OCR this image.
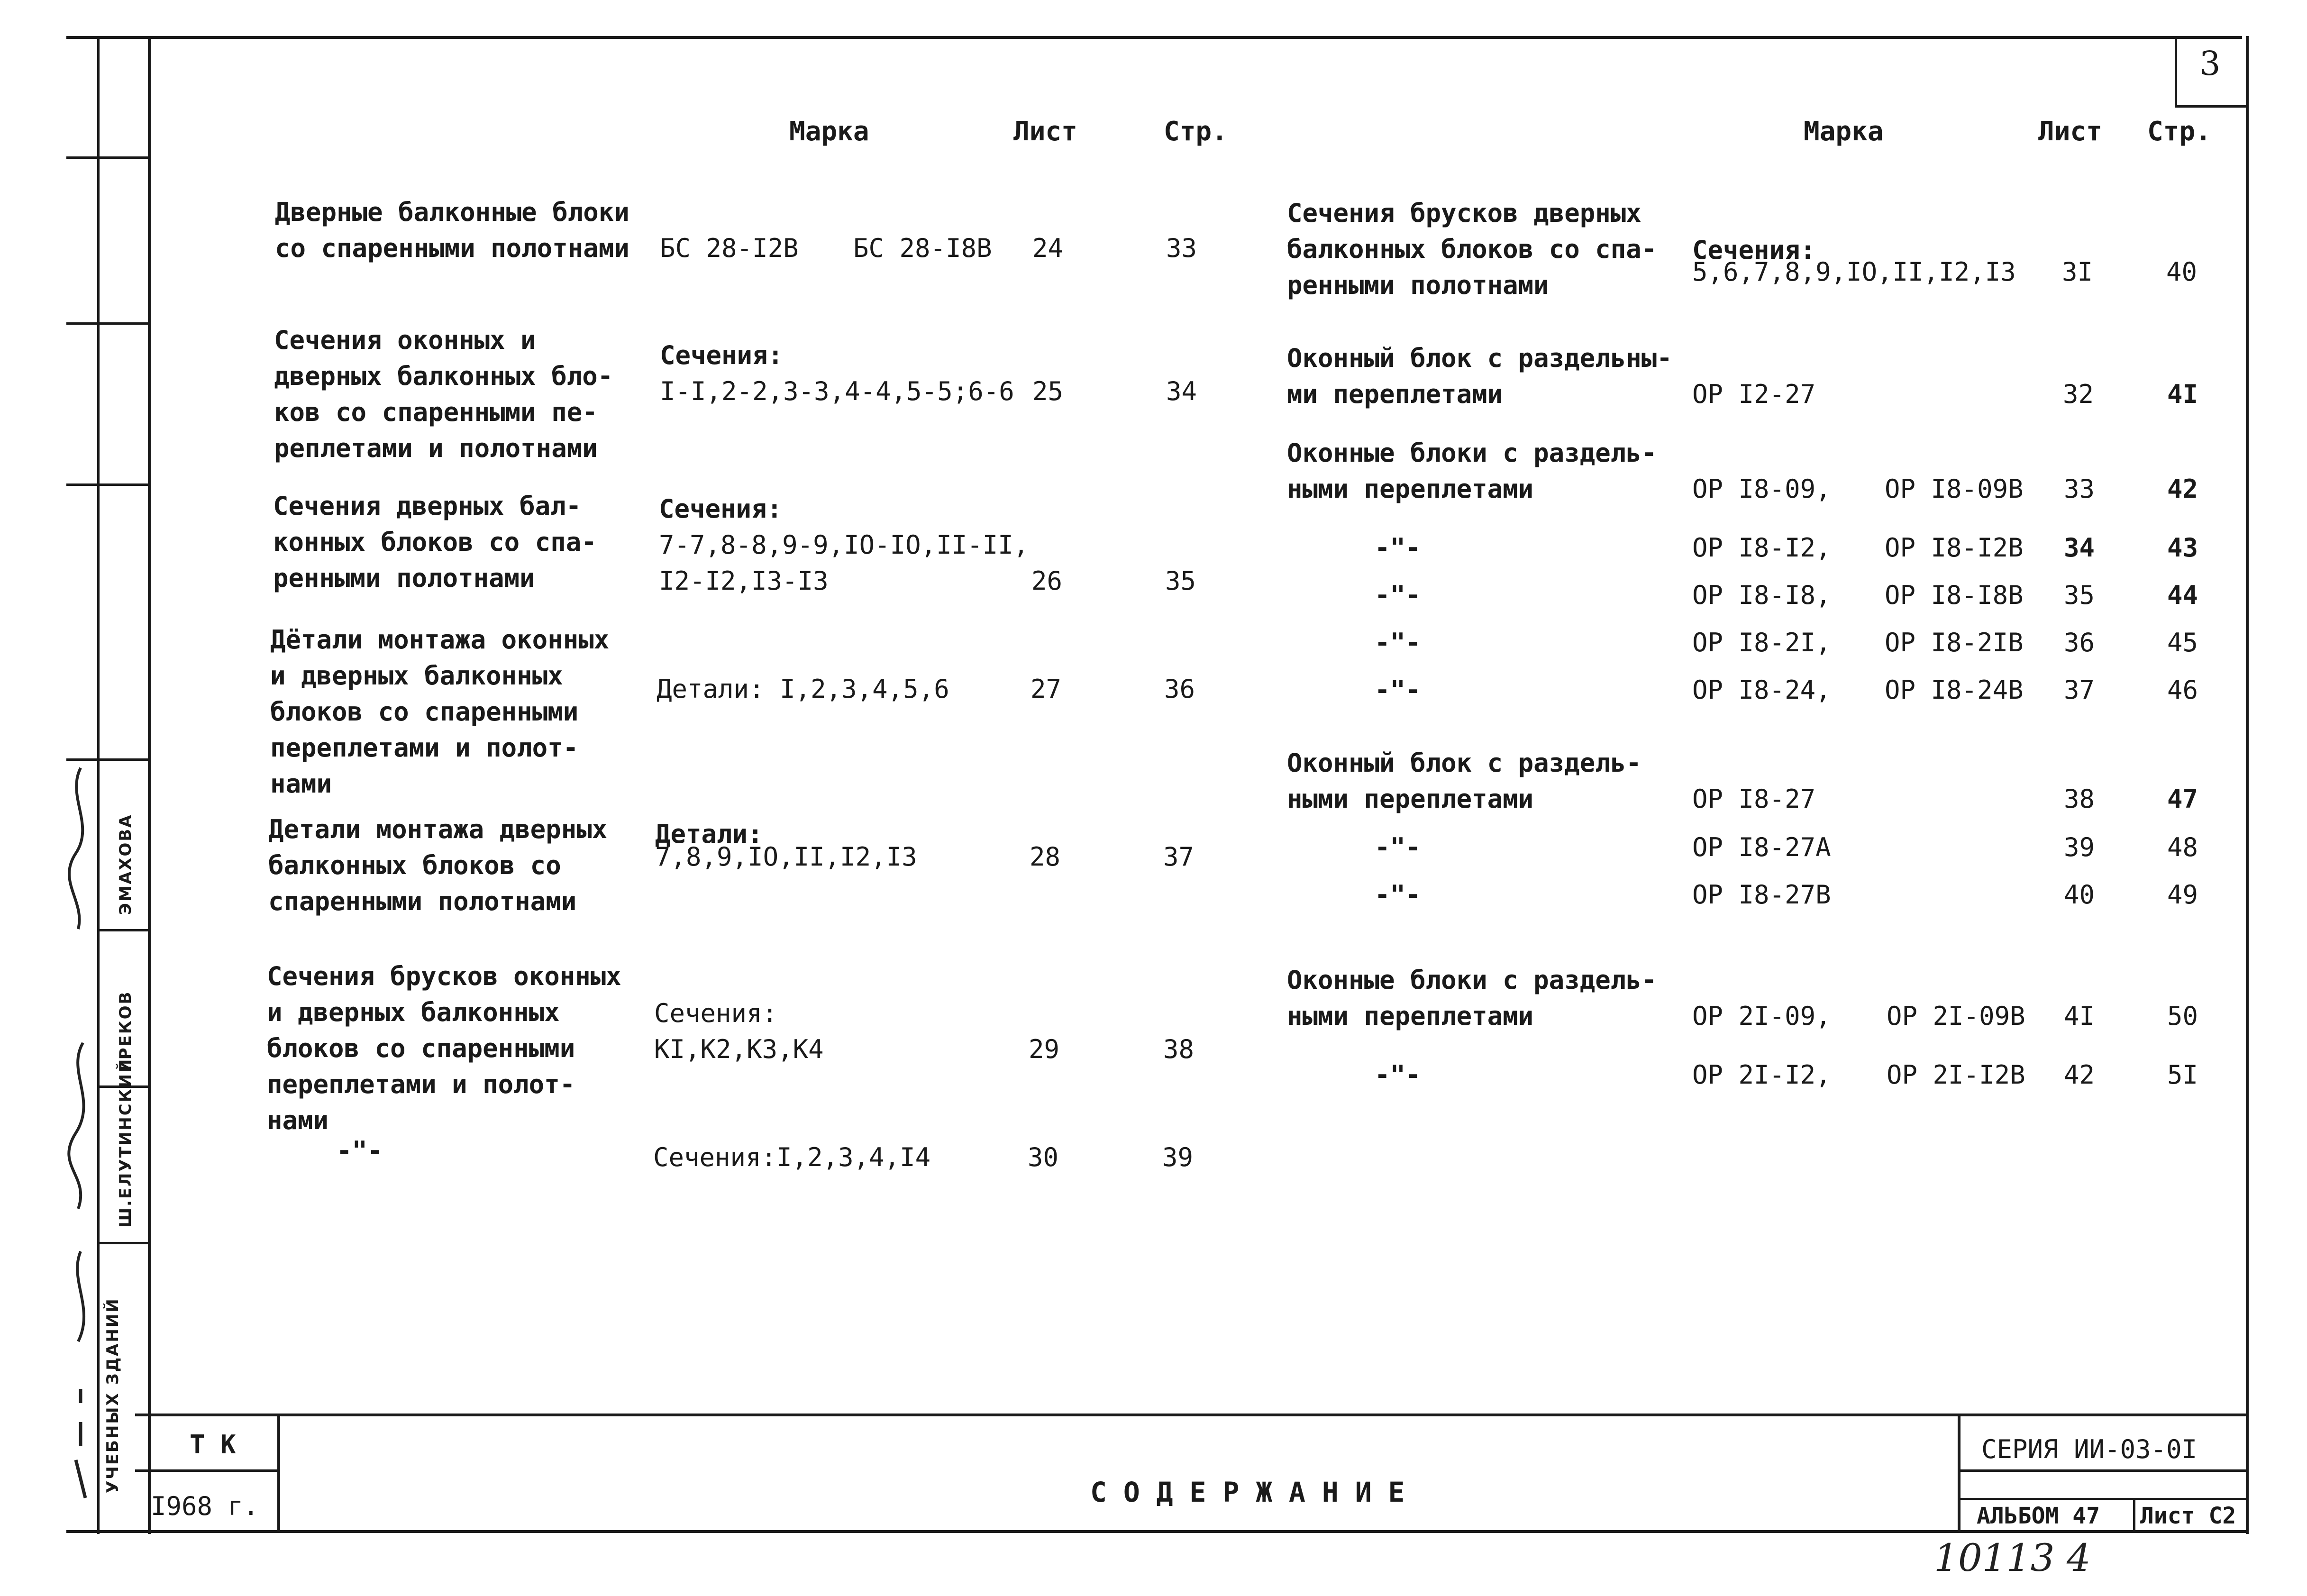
УЧЕБНЫХ ЗДАНИЙ
Ш.ЕЛУТИНСКИЙ
ГРЕКОВ
ЭМАХОВА
3
Марка	Лист	Стр.	Марка	Лист Стр.
Дверные балконные блоки
со спаренными полотнами БС 28-I2В БС 28-I8В 24	33
Сечения оконных и
дверных балконных бло-
ков со спаренными пе-
реплетами и полотнами
Сечения:
I-I,2-2,3-3,4-4,5-5;6-6 25	34
Сечения дверных бал-
конных блоков со спа-
ренными полотнами
Сечения:
7-7,8-8,9-9,IO-IO,II-II,
I2-I2,I3-I3	26	35
Дётали монтажа оконных
и дверных балконных
блоков со спаренными
переплетами и полот-
нами
Детали: I,2,3,4,5,6	27	36
Детали монтажа дверных
балконных блоков со
спаренными полотнами
Детали:
7,8,9,IO,II,I2,I3	28	37
Сечения брусков оконных
и дверных балконных
блоков со спаренными
переплетами и полот-
нами
Сечения:
KI,K2,K3,K4	29	38
-"-	Сечения:I,2,3,4,I4	30	39
Сечения брусков дверных
балконных блоков со спа-
ренными полотнами
Сечения:
5,6,7,8,9,IO,II,I2,I3 3I	40
Оконный блок с раздельны-
ми переплетами	ОР I2-27	32	4I
Оконные блоки с раздель-
ными переплетами	ОР I8-09, ОР I8-09В 33	42
-"-	ОР I8-I2, ОР I8-I2В 34	43
-"-	ОР I8-I8, ОР I8-I8В 35	44
-"-	ОР I8-2I, ОР I8-2IВ 36	45
-"-	ОР I8-24, ОР I8-24В 37	46
Оконный блок с раздель-
ными переплетами	ОР I8-27	38	47
-"-	ОР I8-27А	39	48
-"-	ОР I8-27В	40	49
Оконные блоки с раздель-
ными переплетами	ОР 2I-09, ОР 2I-09В 4I	50
-"-	ОР 2I-I2, ОР 2I-I2В 42	5I
Т К
I968 г.	С О Д Е Р Ж А Н И Е
СЕРИЯ ИИ-03-0I
АЛЬБОМ 47 Лист С2
10113 4
